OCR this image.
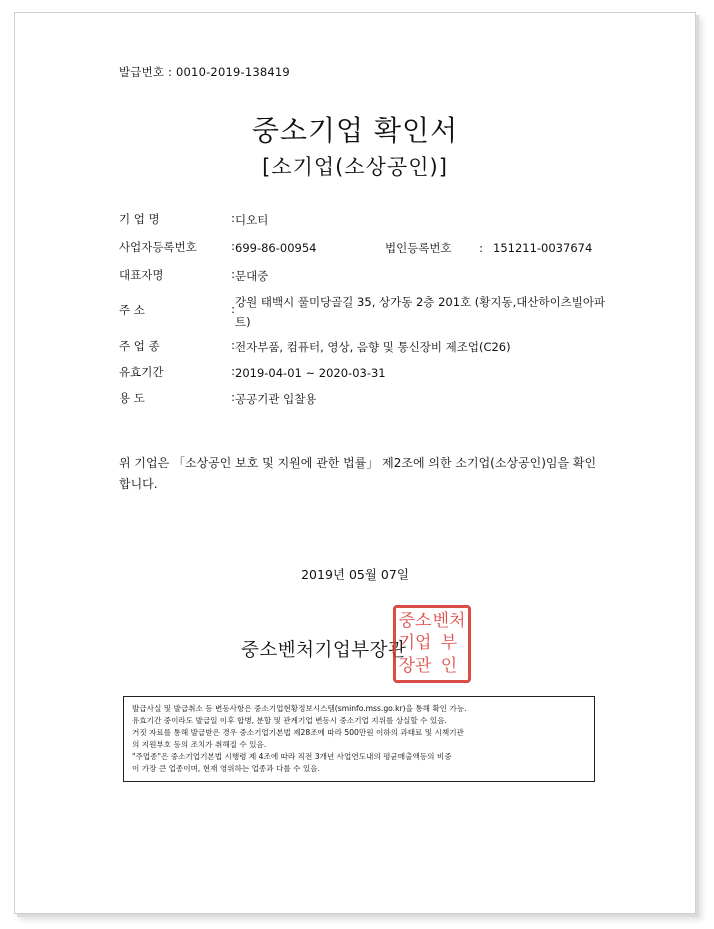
발급번호 : 0010-2019-138419
중소기업 확인서
[소기업(소상공인)]
기 업 명	: 디오티
사업자등록번호	: 699-86-00954	법인등록번호 : 151211-0037674
대표자명	: 문대중
주 소	: 강원 태백시 풀미당골길 35, 상가동 2층 201호 (황지동,대산하이츠빌아파트)
주 업 종	: 전자부품, 컴퓨터, 영상, 음향 및 통신장비 제조업(C26)
유효기간	: 2019-04-01 ~ 2020-03-31
용 도	: 공공기관 입찰용
위 기업은 「소상공인 보호 및 지원에 관한 법률」 제2조에 의한 소기업(소상공인)임을 확인합니다.
2019년 05월 07일
중소벤처기업부장관
중소 벤처
기업 부
장관 인

발급사실 및 발급취소 등 변동사항은 중소기업현황정보시스템(sminfo.mss.go.kr)을 통해 확인 가능.

유효기간 중이라도 발급일 이후 합병, 분할 및 관계기업 변동시 중소기업 지위를 상실할 수 있음.

거짓 자료를 통해 발급받은 경우 중소기업기본법 제28조에 따라 500만원 이하의 과태료 및 시책기관

의 지원부호 등의 조치가 취해질 수 있음.

"주업종"은 중소기업기본법 시행령 제 4조에 따라 직전 3개년 사업연도내의 평균매출액등의 비중

이 가장 큰 업종이며, 현재 영위하는 업종과 다를 수 있음.
